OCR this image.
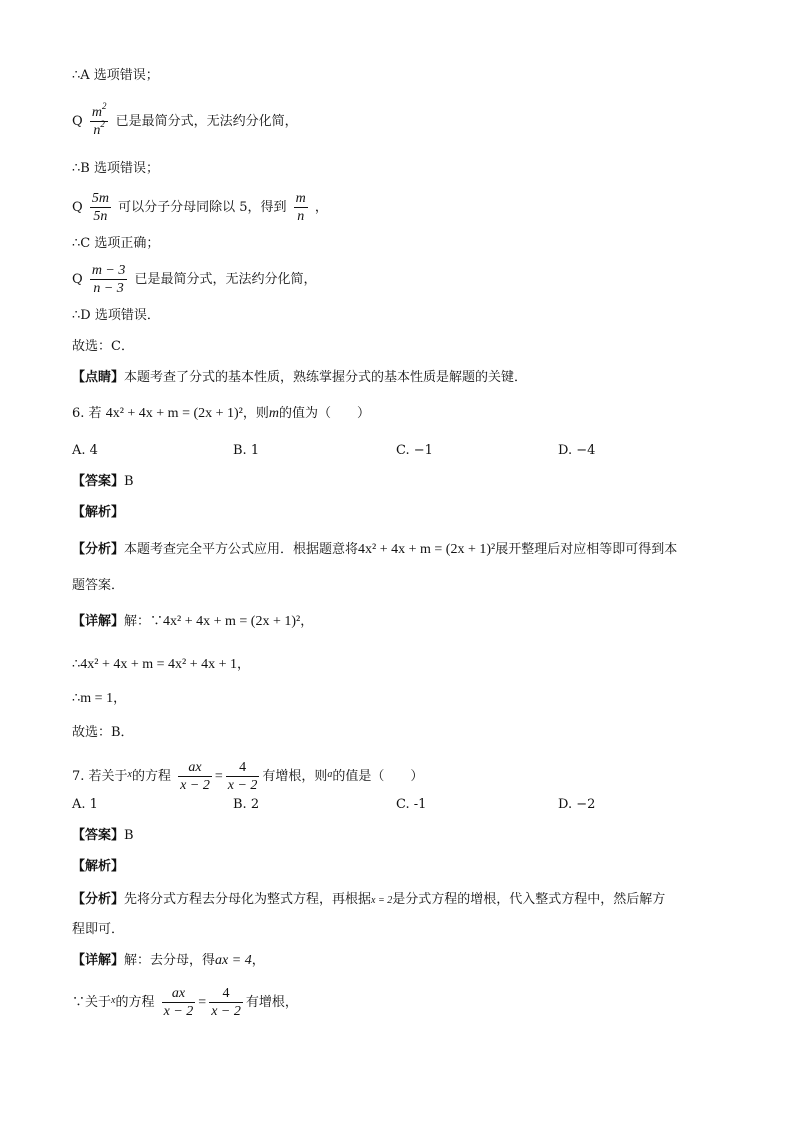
∴A 选项错误；
Q $\frac{m^2}{n^2}$ 已是最简分式，无法约分化简，
∴B 选项错误；
Q $\frac{5m}{5n}$ 可以分子分母同除以 5，得到 $\frac{m}{n}$ ，
∴C 选项正确；
Q $\frac{m - 3}{n - 3}$ 已是最简分式，无法约分化简，
∴D 选项错误．
故选：C．
【点睛】本题考查了分式的基本性质，熟练掌握分式的基本性质是解题的关键．
6. 若 4x² + 4x + m = (2x + 1)²，则m的值为（　　）
A. 4	B. 1	C. −1	D. −4
【答案】B
【解析】
【分析】本题考查完全平方公式应用．根据题意将4x² + 4x + m = (2x + 1)²展开整理后对应相等即可得到本
题答案．
【详解】解：∵4x² + 4x + m = (2x + 1)²，
∴4x² + 4x + m = 4x² + 4x + 1，
∴m = 1，
故选：B．
7. 若关于$^x$的方程 $\frac{ax}{x - 2} = \frac{4}{x - 2}$ 有增根，则$^a$的值是（　　）
A. 1	B. 2	C. -1	D. −2
【答案】B
【解析】
【分析】先将分式方程去分母化为整式方程，再根据x = 2是分式方程的增根，代入整式方程中，然后解方
程即可．
【详解】解：去分母，得ax = 4，
∵关于$^x$的方程 $\frac{ax}{x - 2} = \frac{4}{x - 2}$ 有增根，
